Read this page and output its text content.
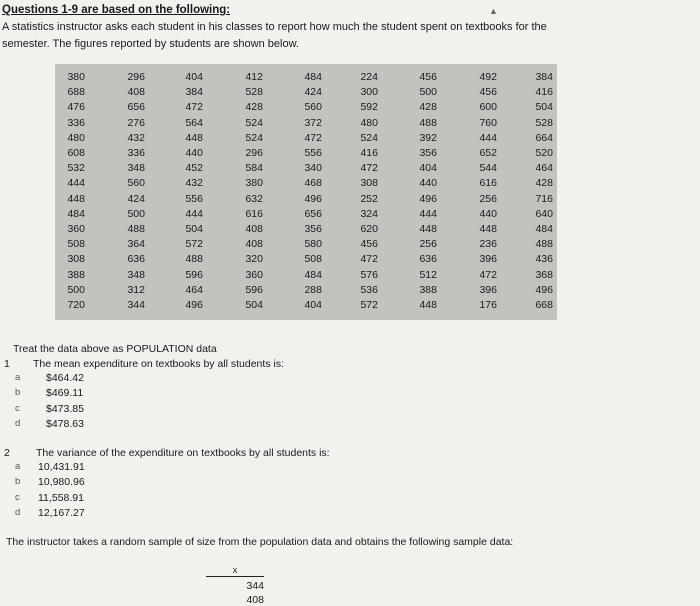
Questions 1-9 are based on the following:	▲
A statistics instructor asks each student in his classes to report how much the student spent on textbooks for the
semester. The figures reported by students are shown below.
380	296	404	412	484	224	456	492	384
688	408	384	528	424	300	500	456	416
476	656	472	428	560	592	428	600	504
336	276	564	524	372	480	488	760	528
480	432	448	524	472	524	392	444	664
608	336	440	296	556	416	356	652	520
532	348	452	584	340	472	404	544	464
444	560	432	380	468	308	440	616	428
448	424	556	632	496	252	496	256	716
484	500	444	616	656	324	444	440	640
360	488	504	408	356	620	448	448	484
508	364	572	408	580	456	256	236	488
308	636	488	320	508	472	636	396	436
388	348	596	360	484	576	512	472	368
500	312	464	596	288	536	388	396	496
720	344	496	504	404	572	448	176	668
Treat the data above as POPULATION data
1 The mean expenditure on textbooks by all students is:
a $464.42
b $469.11
c	$473.85
d $478.63
2 The variance of the expenditure on textbooks by all students is:
a 10,431.91
b 10,980.96
c 11,558.91
d 12,167.27
The instructor takes a random sample of size from the population data and obtains the following sample data:
x
344
408
